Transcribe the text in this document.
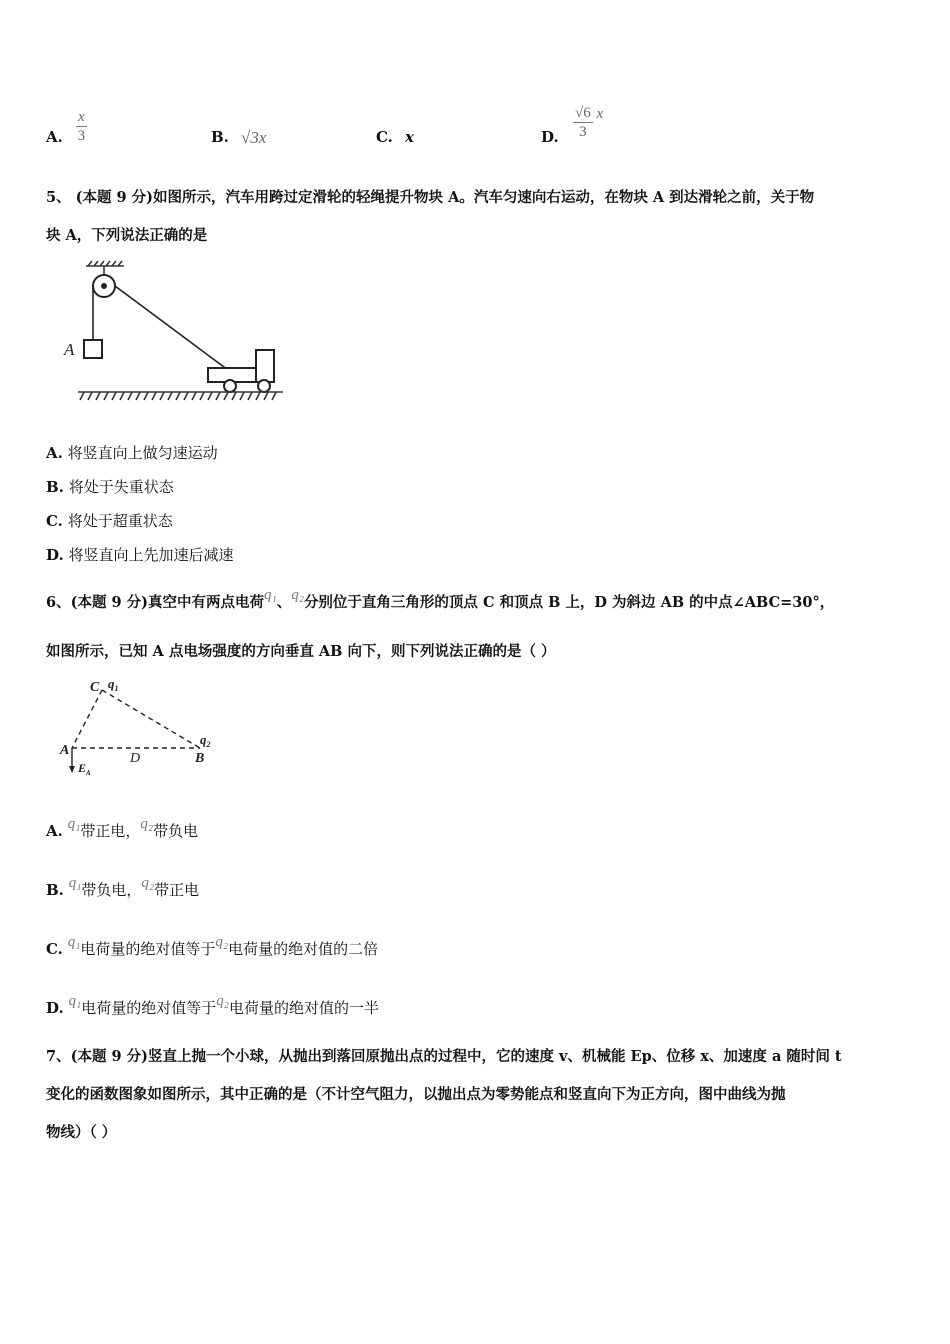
A. $\frac{x}{3}$	B. √3x	C. x	D. $\frac{√6}{3}$ x
5、 (本题 9 分)如图所示，汽车用跨过定滑轮的轻绳提升物块 A。汽车匀速向右运动，在物块 A 到达滑轮之前，关于物
块 A，下列说法正确的是
A
A. 将竖直向上做匀速运动
B. 将处于失重状态
C. 将处于超重状态
D. 将竖直向上先加速后减速
6、(本题 9 分)真空中有两点电荷q₁、q₂分别位于直角三角形的顶点 C 和顶点 B 上，D 为斜边 AB 的中点∠ABC=30°，
如图所示，已知 A 点电场强度的方向垂直 AB 向下，则下列说法正确的是（ ）
C $q_1$
$q_2$
A
D	B
$E_A$
A. q₁带正电，q₂带负电
B. q₁带负电，q₂带正电
C. q₁电荷量的绝对值等于q₂电荷量的绝对值的二倍
D. q₁电荷量的绝对值等于q₂电荷量的绝对值的一半
7、(本题 9 分)竖直上抛一个小球，从抛出到落回原抛出点的过程中，它的速度 v、机械能 Ep、位移 x、加速度 a 随时间 t
变化的函数图象如图所示，其中正确的是（不计空气阻力，以抛出点为零势能点和竖直向下为正方向，图中曲线为抛
物线）（ ）
